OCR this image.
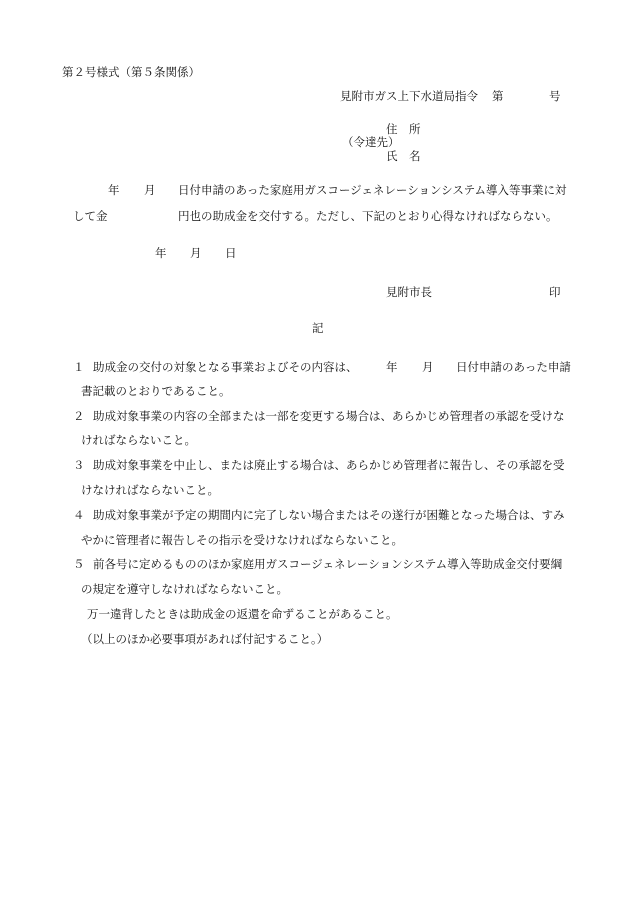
第２号様式（第５条関係）
見附市ガス上下水道局指令 第	号
住　所
（令達先）
氏　名
年 月 日付申請のあった家庭用ガスコージェネレーションシステム導入等事業に対
して金	円也の助成金を交付する。ただし、下記のとおり心得なければならない。
年 月 日
見附市長	印
記
１ 助成金の交付の対象となる事業およびその内容は、 年 月 日付申請のあった申請
書記載のとおりであること。
２ 助成対象事業の内容の全部または一部を変更する場合は、あらかじめ管理者の承認を受けな
ければならないこと。
３ 助成対象事業を中止し、または廃止する場合は、あらかじめ管理者に報告し、その承認を受
けなければならないこと。
４ 助成対象事業が予定の期間内に完了しない場合またはその遂行が困難となった場合は、すみ
やかに管理者に報告しその指示を受けなければならないこと。
５ 前各号に定めるもののほか家庭用ガスコージェネレーションシステム導入等助成金交付要綱
の規定を遵守しなければならないこと。
万一違背したときは助成金の返還を命ずることがあること。
（以上のほか必要事項があれば付記すること。）
